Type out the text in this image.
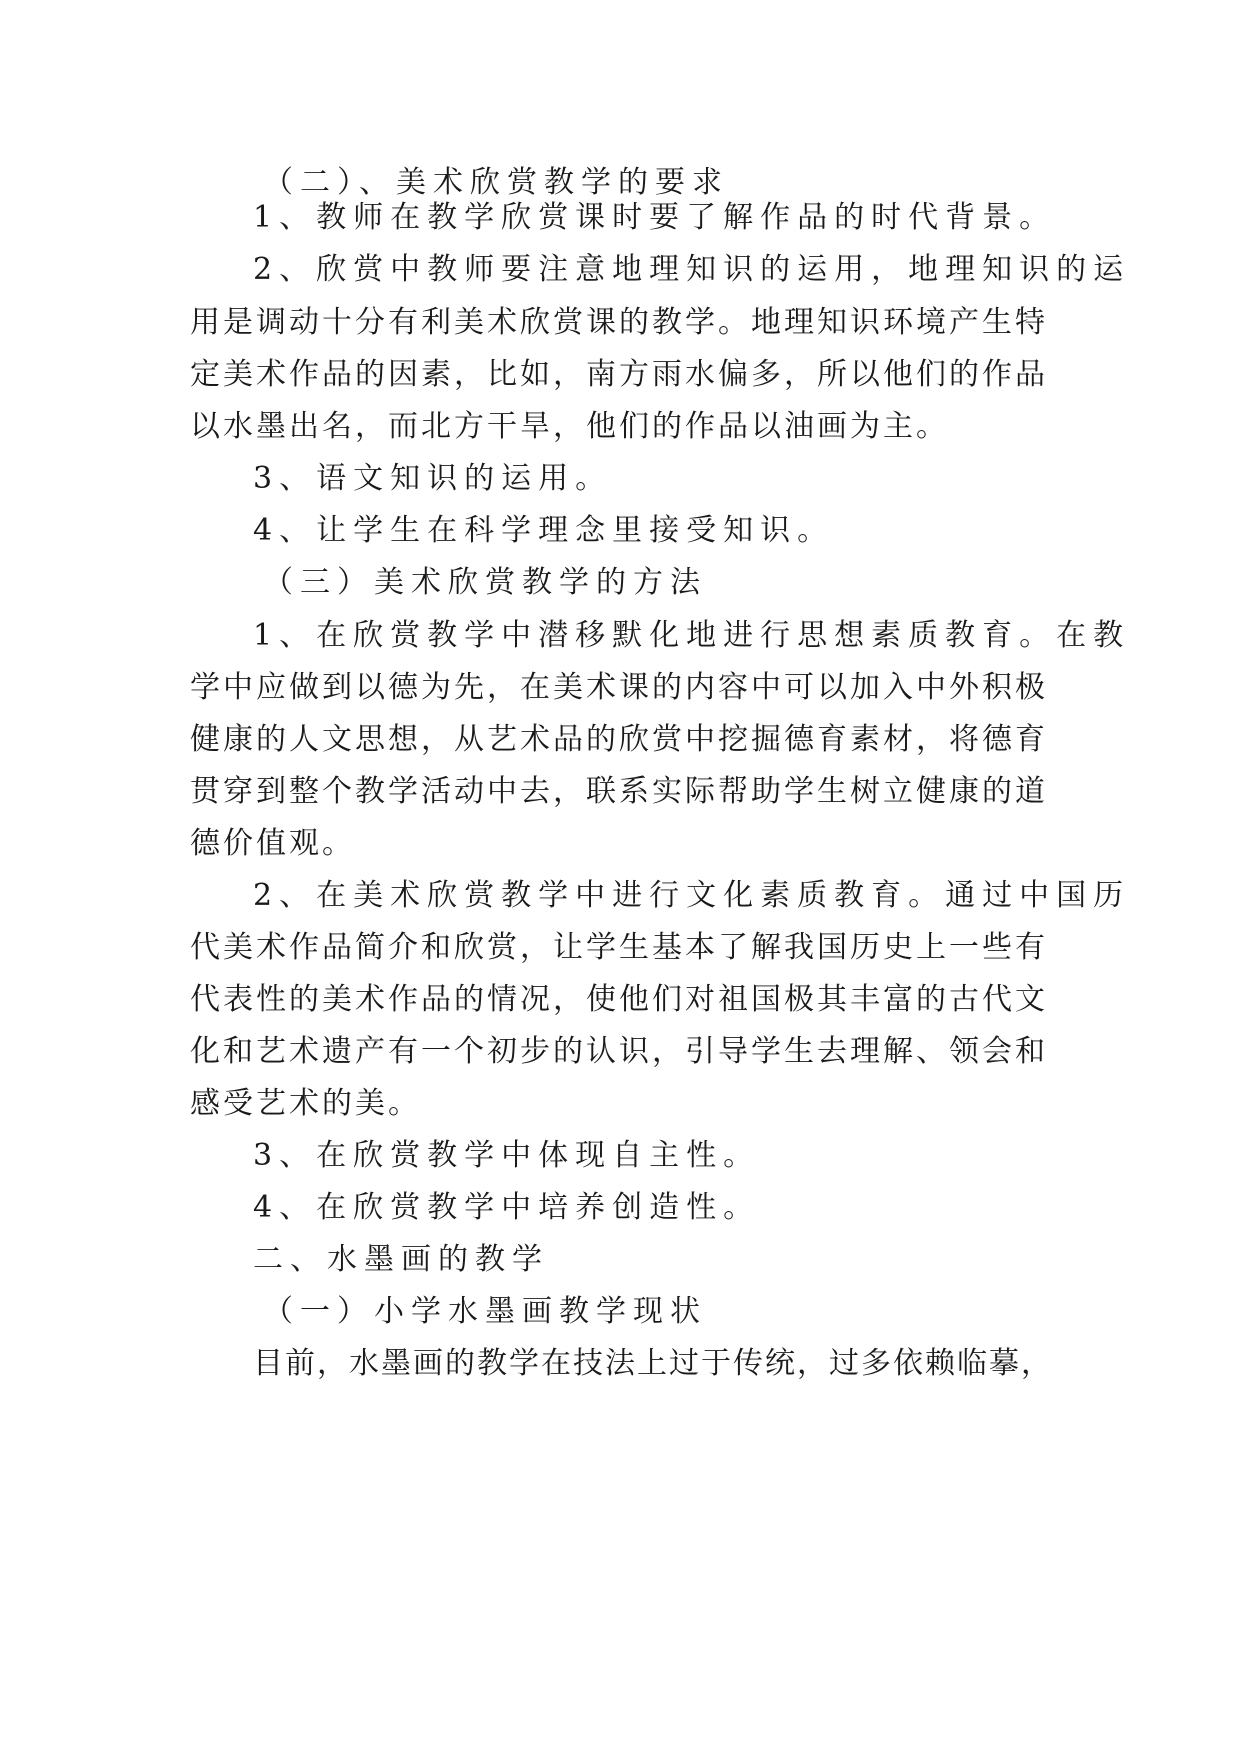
（二）、美术欣赏教学的要求
1、教师在教学欣赏课时要了解作品的时代背景。
2、欣赏中教师要注意地理知识的运用，地理知识的运
用是调动十分有利美术欣赏课的教学。地理知识环境产生特
定美术作品的因素，比如，南方雨水偏多，所以他们的作品
以水墨出名，而北方干旱，他们的作品以油画为主。
3、语文知识的运用。
4、让学生在科学理念里接受知识。
（三）美术欣赏教学的方法
1、在欣赏教学中潜移默化地进行思想素质教育。在教
学中应做到以德为先，在美术课的内容中可以加入中外积极
健康的人文思想，从艺术品的欣赏中挖掘德育素材，将德育
贯穿到整个教学活动中去，联系实际帮助学生树立健康的道
德价值观。
2、在美术欣赏教学中进行文化素质教育。通过中国历
代美术作品简介和欣赏，让学生基本了解我国历史上一些有
代表性的美术作品的情况，使他们对祖国极其丰富的古代文
化和艺术遗产有一个初步的认识，引导学生去理解、领会和
感受艺术的美。
3、在欣赏教学中体现自主性。
4、在欣赏教学中培养创造性。
二、水墨画的教学
（一）小学水墨画教学现状
目前，水墨画的教学在技法上过于传统，过多依赖临摹，
